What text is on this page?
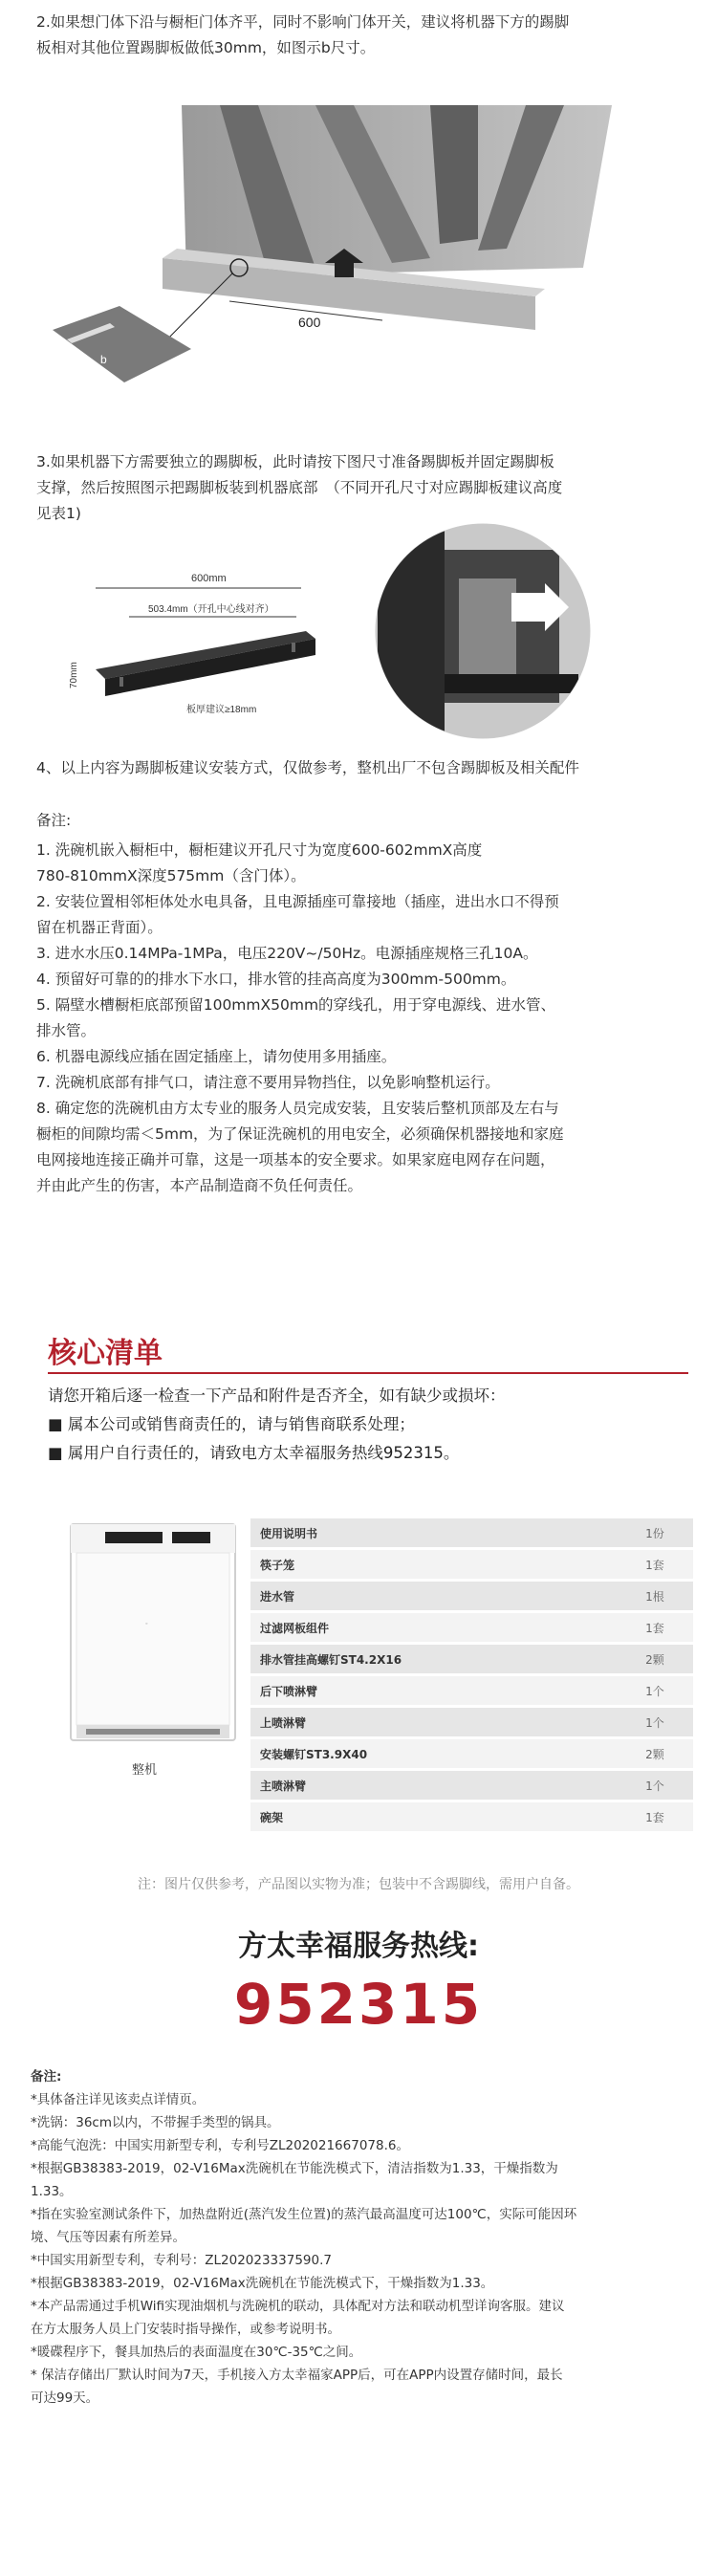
2.如果想门体下沿与橱柜门体齐平，同时不影响门体开关，建议将机器下方的踢脚
板相对其他位置踢脚板做低30mm，如图示b尺寸。
600
b
3.如果机器下方需要独立的踢脚板，此时请按下图尺寸准备踢脚板并固定踢脚板
支撑，然后按照图示把踢脚板装到机器底部　（不同开孔尺寸对应踢脚板建议高度
见表1)
600mm
503.4mm（开孔中心线对齐）
70mm
板厚建议≥18mm
4、以上内容为踢脚板建议安装方式，仅做参考，整机出厂不包含踢脚板及相关配件
备注:
1. 洗碗机嵌入橱柜中，橱柜建议开孔尺寸为宽度600-602mmX高度
780-810mmX深度575mm（含门体）。
2. 安装位置相邻柜体处水电具备，且电源插座可靠接地（插座，进出水口不得预
留在机器正背面）。
3. 进水水压0.14MPa-1MPa，电压220V~/50Hz。电源插座规格三孔10A。
4. 预留好可靠的的排水下水口，排水管的挂高高度为300mm-500mm。
5. 隔壁水槽橱柜底部预留100mmX50mm的穿线孔，用于穿电源线、进水管、
排水管。
6. 机器电源线应插在固定插座上，请勿使用多用插座。
7. 洗碗机底部有排气口，请注意不要用异物挡住，以免影响整机运行。
8. 确定您的洗碗机由方太专业的服务人员完成安装，且安装后整机顶部及左右与
橱柜的间隙均需＜5mm，为了保证洗碗机的用电安全，必须确保机器接地和家庭
电网接地连接正确并可靠，这是一项基本的安全要求。如果家庭电网存在问题，
并由此产生的伤害，本产品制造商不负任何责任。
核心清单
请您开箱后逐一检查一下产品和附件是否齐全，如有缺少或损坏：
■ 属本公司或销售商责任的，请与销售商联系处理；
■ 属用户自行责任的，请致电方太幸福服务热线952315。
◦
整机
使用说明书	1份
筷子笼	1套
进水管	1根
过滤网板组件	1套
排水管挂高螺钉ST4.2X16	2颗
后下喷淋臂	1个
上喷淋臂	1个
安装螺钉ST3.9X40	2颗
主喷淋臂	1个
碗架	1套
注：图片仅供参考，产品图以实物为准；包装中不含踢脚线，需用户自备。
方太幸福服务热线:
952315
备注:
*具体备注详见该卖点详情页。
*洗锅：36cm以内，不带握手类型的锅具。
*高能气泡洗：中国实用新型专利，专利号ZL202021667078.6。
*根据GB38383-2019，02-V16Max洗碗机在节能洗模式下，清洁指数为1.33，干燥指数为
1.33。
*指在实验室测试条件下，加热盘附近(蒸汽发生位置)的蒸汽最高温度可达100℃，实际可能因环
境、气压等因素有所差异。
*中国实用新型专利，专利号：ZL202023337590.7
*根据GB38383-2019，02-V16Max洗碗机在节能洗模式下，干燥指数为1.33。
*本产品需通过手机Wifi实现油烟机与洗碗机的联动，具体配对方法和联动机型详询客服。建议
在方太服务人员上门安装时指导操作，或参考说明书。
*暖碟程序下，餐具加热后的表面温度在30℃-35℃之间。
* 保洁存储出厂默认时间为7天，手机接入方太幸福家APP后，可在APP内设置存储时间，最长
可达99天。
